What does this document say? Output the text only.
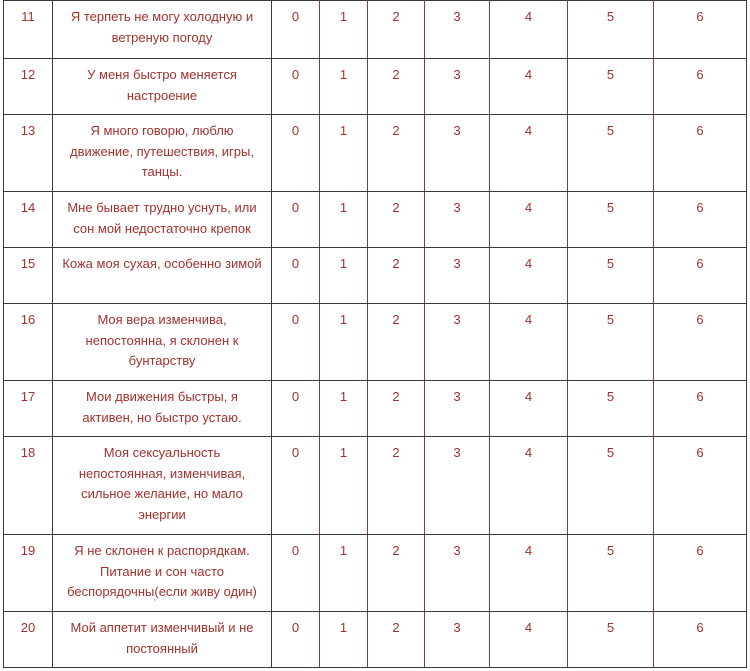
11	Я терпеть не могу холодную и ветреную погоду	0	1	2	3	4	5	6
12	У меня быстро меняется настроение	0	1	2	3	4	5	6
13	Я много говорю, люблю движение, путешествия, игры, танцы.	0	1	2	3	4	5	6
14	Мне бывает трудно уснуть, или сон мой недостаточно крепок	0	1	2	3	4	5	6
15	Кожа моя сухая, особенно зимой	0	1	2	3	4	5	6
16	Моя вера изменчива, непостоянна, я склонен к бунтарству	0	1	2	3	4	5	6
17	Мои движения быстры, я активен, но быстро устаю.	0	1	2	3	4	5	6
18	Моя сексуальность непостоянная, изменчивая, сильное желание, но мало энергии	0	1	2	3	4	5	6
19	Я не склонен к распорядкам. Питание и сон часто беспорядочны(если живу один)	0	1	2	3	4	5	6
20	Мой аппетит изменчивый и не постоянный	0	1	2	3	4	5	6
